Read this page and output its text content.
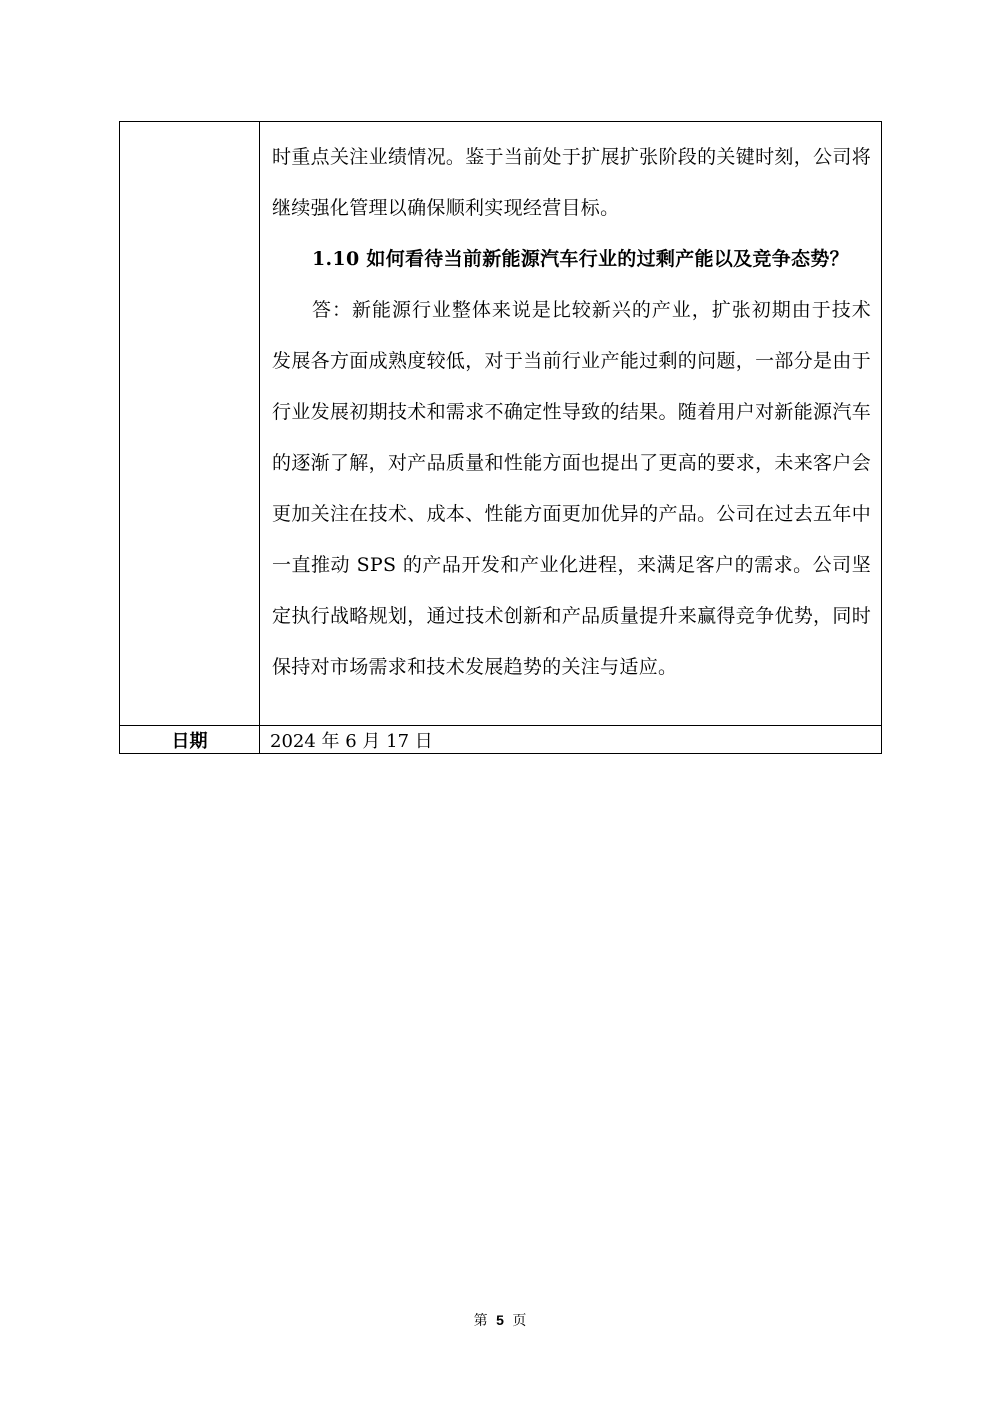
	时重点关注业绩情况。鉴于当前处于扩展扩张阶段的关键时刻，公司将继续强化管理以确保顺利实现经营目标。

1.10 如何看待当前新能源汽车行业的过剩产能以及竞争态势？

答：新能源行业整体来说是比较新兴的产业，扩张初期由于技术发展各方面成熟度较低，对于当前行业产能过剩的问题，一部分是由于行业发展初期技术和需求不确定性导致的结果。随着用户对新能源汽车的逐渐了解，对产品质量和性能方面也提出了更高的要求，未来客户会更加关注在技术、成本、性能方面更加优异的产品。公司在过去五年中一直推动 SPS 的产品开发和产业化进程，来满足客户的需求。公司坚定执行战略规划，通过技术创新和产品质量提升来赢得竞争优势，同时保持对市场需求和技术发展趋势的关注与适应。

日期	2024 年 6 月 17 日
第 5 页
